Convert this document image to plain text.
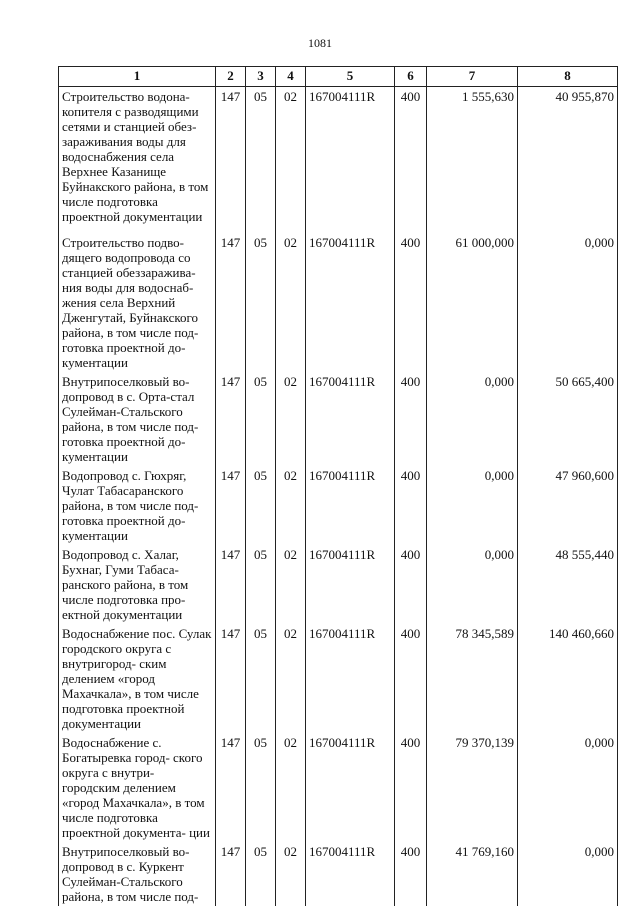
1081
1	2	3	4	5	6	7	8
Строительство водона- копителя с разводящими сетями и станцией обез- зараживания воды для водоснабжения села Верхнее Казанище Буйнакского района, в том числе подготовка проектной документации	147	05	02	167004111R	400	1 555,630	40 955,870
Строительство подво- дящего водопровода со станцией обеззаражива- ния воды для водоснаб- жения села Верхний Дженгутай, Буйнакского района, в том числе под- готовка проектной до- кументации	147	05	02	167004111R	400	61 000,000	0,000
Внутрипоселковый во- допровод в с. Орта-стал Сулейман-Стальского района, в том числе под- готовка проектной до- кументации	147	05	02	167004111R	400	0,000	50 665,400
Водопровод с. Гюхряг, Чулат Табасаранского района, в том числе под- готовка проектной до- кументации	147	05	02	167004111R	400	0,000	47 960,600
Водопровод с. Халаг, Бухнаг, Гуми Табаса- ранского района, в том числе подготовка про- ектной документации	147	05	02	167004111R	400	0,000	48 555,440
Водоснабжение пос. Сулак городского округа с внутригород- ским делением «город Махачкала», в том числе подготовка проектной документации	147	05	02	167004111R	400	78 345,589	140 460,660
Водоснабжение с. Богатыревка город- ского округа с внутри- городским делением «город Махачкала», в том числе подготовка проектной документа- ции	147	05	02	167004111R	400	79 370,139	0,000
Внутрипоселковый во- допровод в с. Куркент Сулейман-Стальского района, в том числе под-	147	05	02	167004111R	400	41 769,160	0,000
